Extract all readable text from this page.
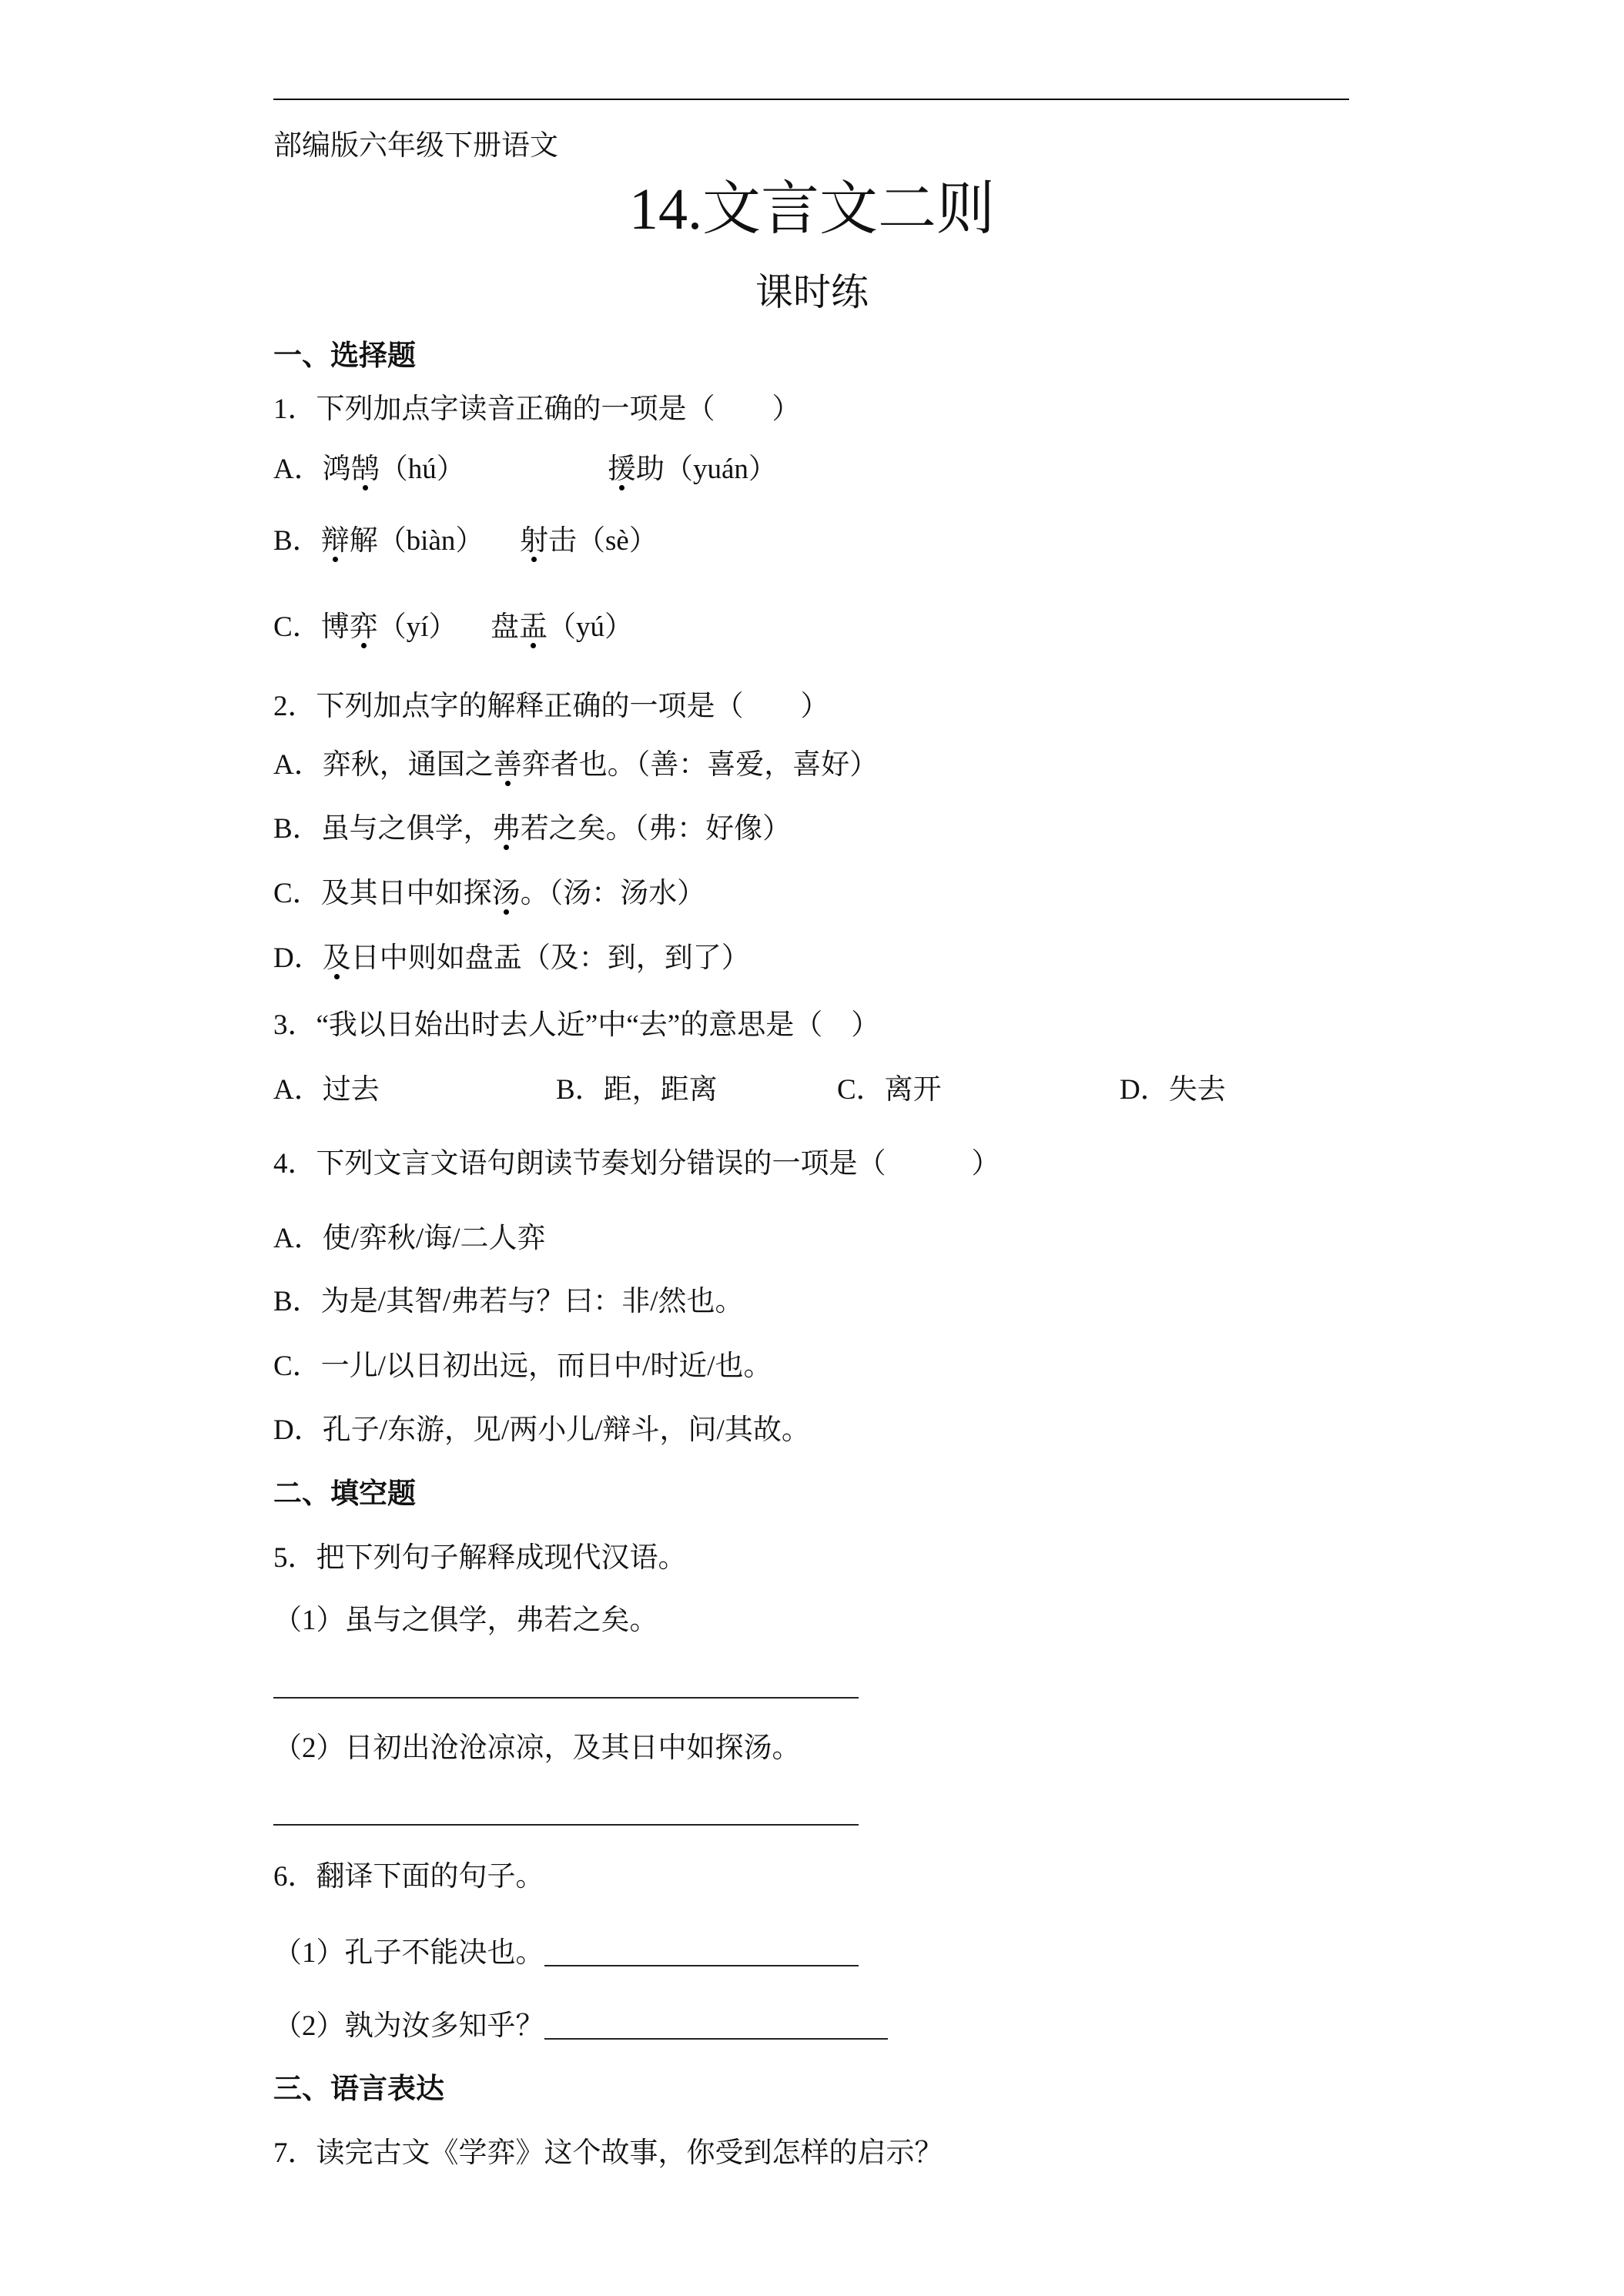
部编版六年级下册语文
14.文言文二则
课时练
一、选择题
1．下列加点字读音正确的一项是（　　）
A．鸿鹄（hú）	援助（yuán）
B．辩解（biàn） 射击（sè）
C．博弈（yí） 盘盂（yú）
2．下列加点字的解释正确的一项是（　　）
A．弈秋，通国之善弈者也。（善：喜爱，喜好）
B．虽与之俱学，弗若之矣。（弗：好像）
C．及其日中如探汤。（汤：汤水）
D．及日中则如盘盂（及：到，到了）
3．“我以日始出时去人近”中“去”的意思是（　）
A．过去	B．距，距离	C．离开	D．失去
4．下列文言文语句朗读节奏划分错误的一项是（　　　）
A．使/弈秋/诲/二人弈
B．为是/其智/弗若与？曰：非/然也。
C．一儿/以日初出远，而日中/时近/也。
D．孔子/东游，见/两小儿/辩斗，问/其故。
二、填空题
5．把下列句子解释成现代汉语。
（1）虽与之俱学，弗若之矣。
（2）日初出沧沧凉凉，及其日中如探汤。
6．翻译下面的句子。
（1）孔子不能决也。
（2）孰为汝多知乎？
三、语言表达
7．读完古文《学弈》这个故事，你受到怎样的启示？
